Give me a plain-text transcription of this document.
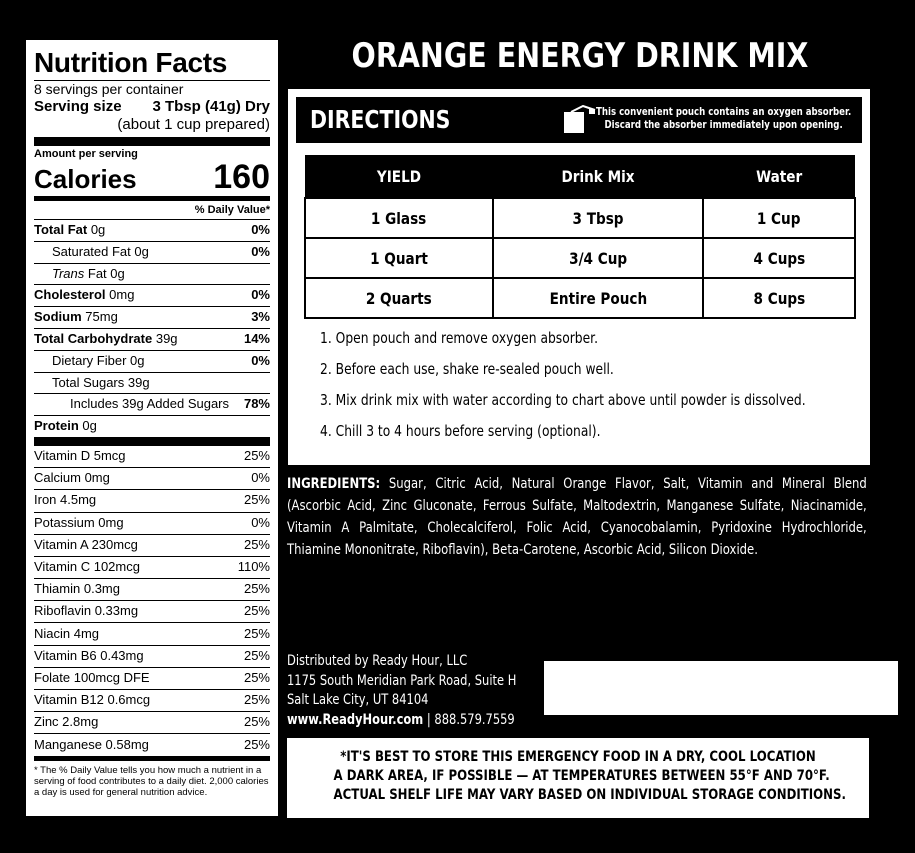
Nutrition Facts
8 servings per container
Serving size 3 Tbsp (41g) Dry
(about 1 cup prepared)
Amount per serving
Calories 160
% Daily Value*
Total Fat 0g	0%
Saturated Fat 0g	0%
Trans Fat 0g
Cholesterol 0mg	0%
Sodium 75mg	3%
Total Carbohydrate 39g	14%
Dietary Fiber 0g	0%
Total Sugars 39g
Includes 39g Added Sugars 78%
Protein 0g
Vitamin D 5mcg	25%
Calcium 0mg	0%
Iron 4.5mg	25%
Potassium 0mg	0%
Vitamin A 230mcg	25%
Vitamin C 102mcg	110%
Thiamin 0.3mg	25%
Riboflavin 0.33mg	25%
Niacin 4mg	25%
Vitamin B6 0.43mg	25%
Folate 100mcg DFE	25%
Vitamin B12 0.6mcg	25%
Zinc 2.8mg	25%
Manganese 0.58mg	25%
* The % Daily Value tells you how much a nutrient in a serving of food contributes to a daily diet. 2,000 calories a day is used for general nutrition advice.
ORANGE ENERGY DRINK MIX
DIRECTIONS	This convenient pouch contains an oxygen absorber.
Discard the absorber immediately upon opening.
YIELD	Drink Mix	Water
1 Glass	3 Tbsp	1 Cup
1 Quart	3/4 Cup	4 Cups
2 Quarts	Entire Pouch	8 Cups
1. Open pouch and remove oxygen absorber.
2. Before each use, shake re-sealed pouch well.
3. Mix drink mix with water according to chart above until powder is dissolved.
4. Chill 3 to 4 hours before serving (optional).
INGREDIENTS: Sugar, Citric Acid, Natural Orange Flavor, Salt, Vitamin and Mineral Blend (Ascorbic Acid, Zinc Gluconate, Ferrous Sulfate, Maltodextrin, Manganese Sulfate, Niacinamide, Vitamin A Palmitate, Cholecalciferol, Folic Acid, Cyanocobalamin, Pyridoxine Hydrochloride, Thiamine Mononitrate, Riboflavin), Beta-Carotene, Ascorbic Acid, Silicon Dioxide.
Distributed by Ready Hour, LLC
1175 South Meridian Park Road, Suite H
Salt Lake City, UT 84104
www.ReadyHour.com | 888.579.7559
*IT'S BEST TO STORE THIS EMERGENCY FOOD IN A DRY, COOL LOCATION
A DARK AREA, IF POSSIBLE — AT TEMPERATURES BETWEEN 55°F AND 70°F.
ACTUAL SHELF LIFE MAY VARY BASED ON INDIVIDUAL STORAGE CONDITIONS.
